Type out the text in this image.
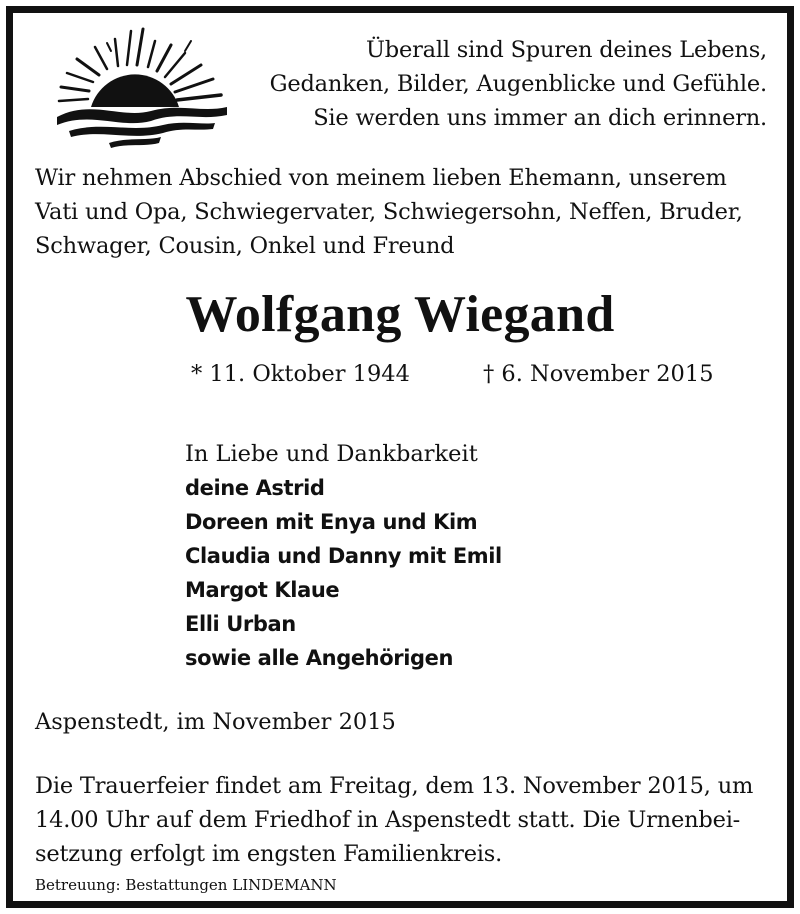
Überall sind Spuren deines Lebens,
Gedanken, Bilder, Augenblicke und Gefühle.
Sie werden uns immer an dich erinnern.
Wir nehmen Abschied von meinem lieben Ehemann, unserem
Vati und Opa, Schwiegervater, Schwiegersohn, Neffen, Bruder,
Schwager, Cousin, Onkel und Freund
Wolfgang Wiegand
* 11. Oktober 1944	† 6. November 2015
In Liebe und Dankbarkeit
deine Astrid
Doreen mit Enya und Kim
Claudia und Danny mit Emil
Margot Klaue
Elli Urban
sowie alle Angehörigen
Aspenstedt, im November 2015
Die Trauerfeier findet am Freitag, dem 13. November 2015, um
14.00 Uhr auf dem Friedhof in Aspenstedt statt. Die Urnenbei-
setzung erfolgt im engsten Familienkreis.
Betreuung: Bestattungen LINDEMANN
